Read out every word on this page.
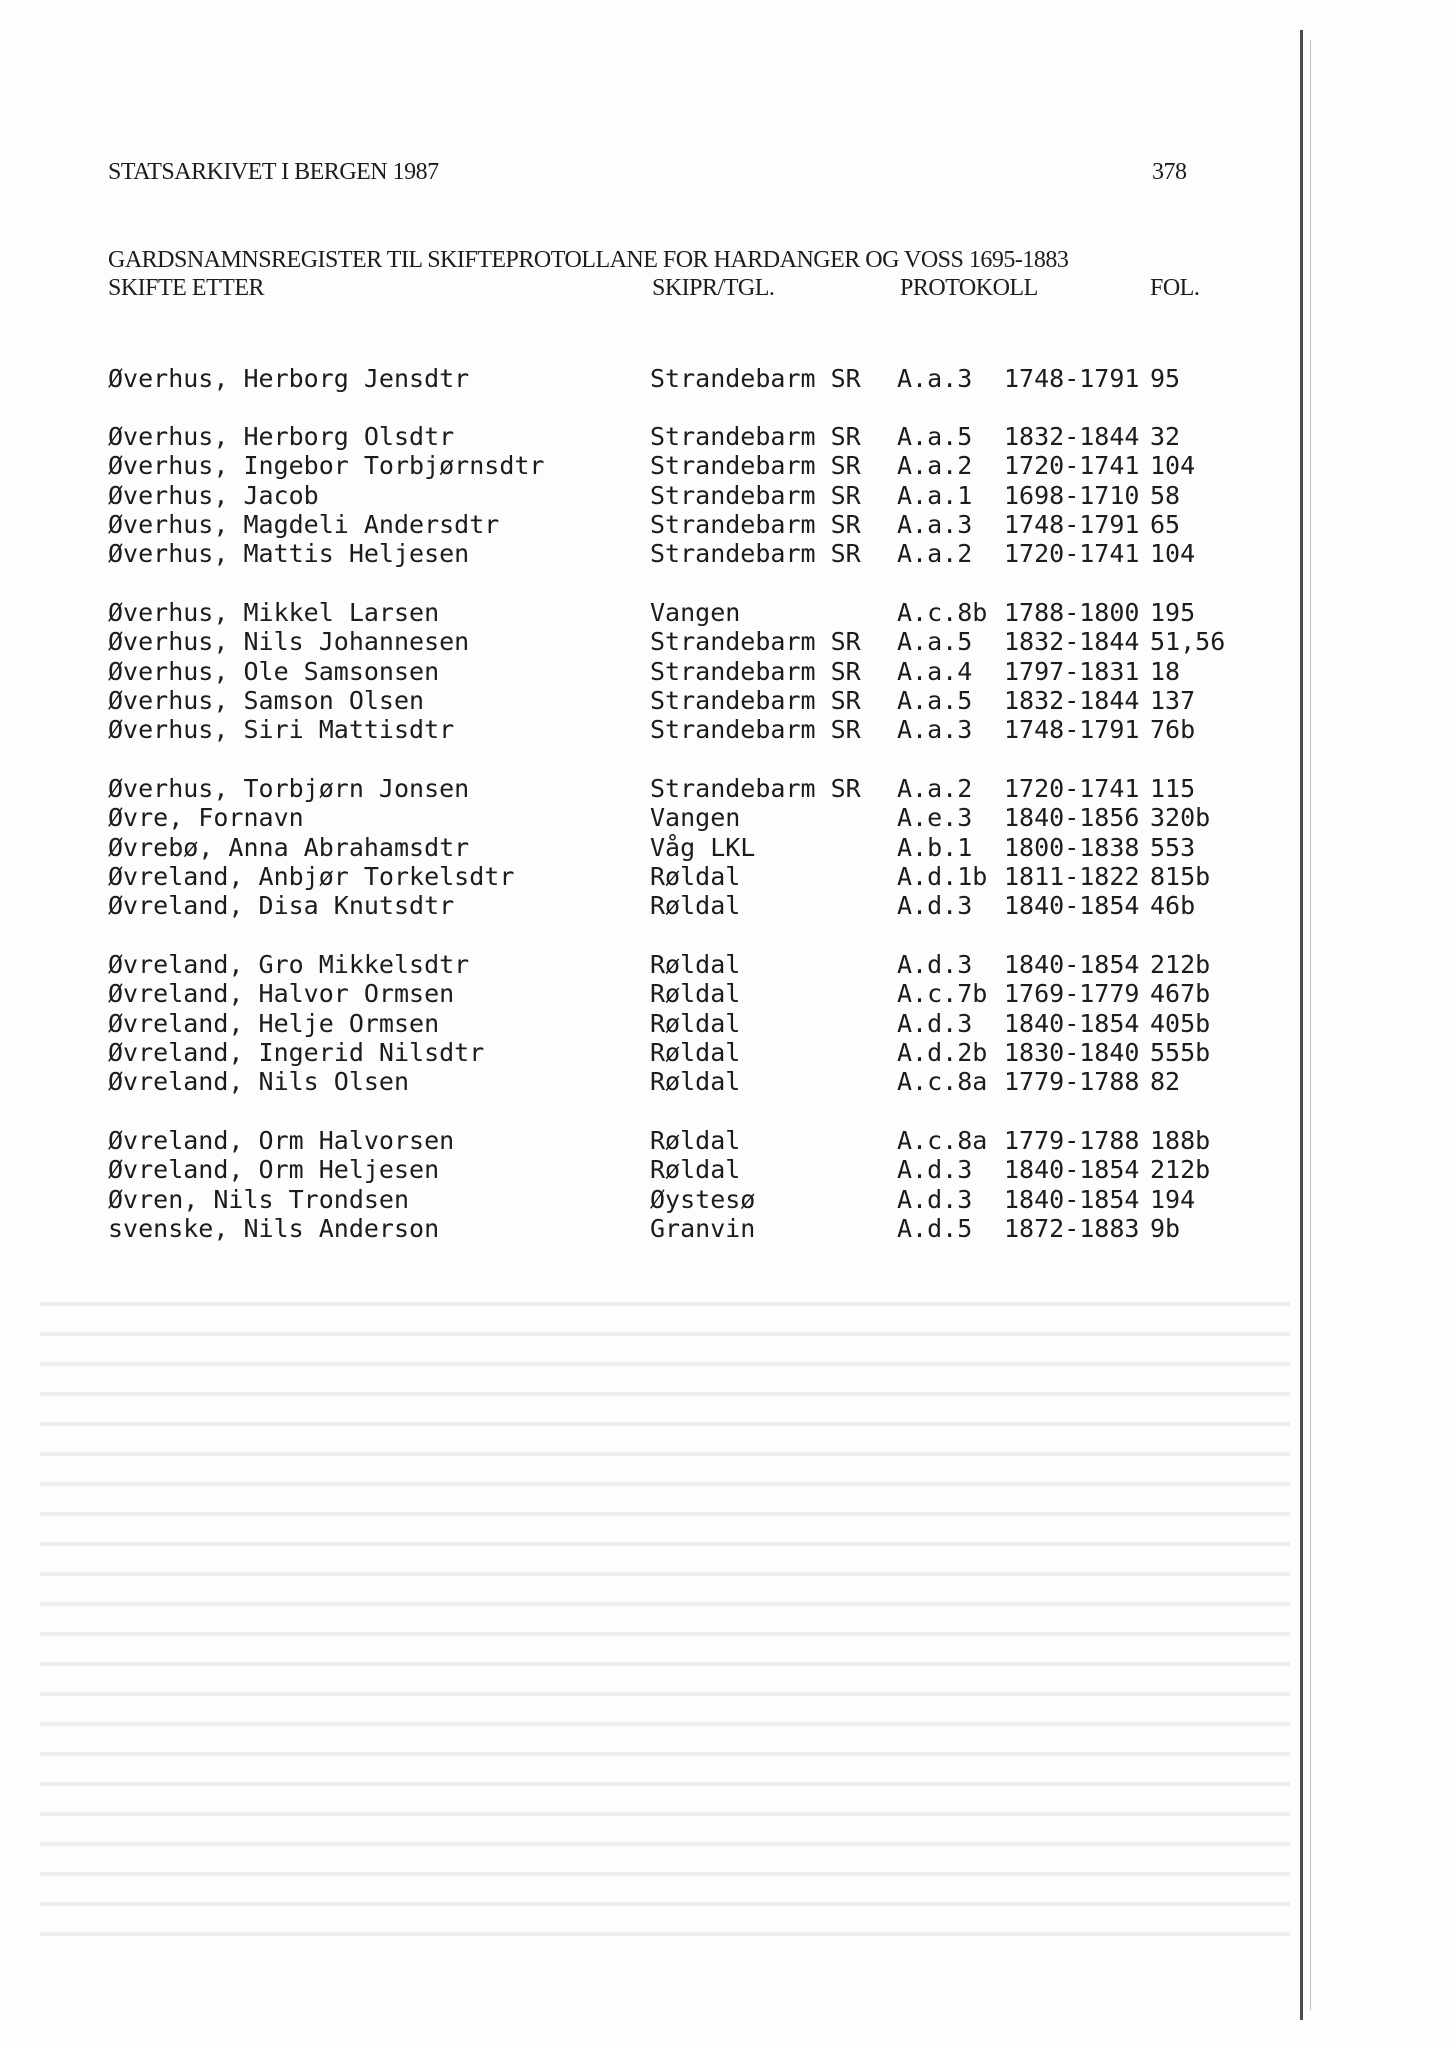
STATSARKIVET I BERGEN 1987	378
GARDSNAMNSREGISTER TIL SKIFTEPROTOLLANE FOR HARDANGER OG VOSS 1695-1883
SKIFTE ETTER	SKIPR/TGL.	PROTOKOLL	FOL.
Øverhus, Herborg Jensdtr	Strandebarm SR A.a.3 1748-1791 95
Øverhus, Herborg Olsdtr	Strandebarm SR A.a.5 1832-1844 32
Øverhus, Ingebor Torbjørnsdtr	Strandebarm SR A.a.2 1720-1741 104
Øverhus, Jacob	Strandebarm SR A.a.1 1698-1710 58
Øverhus, Magdeli Andersdtr	Strandebarm SR A.a.3 1748-1791 65
Øverhus, Mattis Heljesen	Strandebarm SR A.a.2 1720-1741 104
Øverhus, Mikkel Larsen	Vangen	A.c.8b 1788-1800 195
Øverhus, Nils Johannesen	Strandebarm SR A.a.5 1832-1844 51,56
Øverhus, Ole Samsonsen	Strandebarm SR A.a.4 1797-1831 18
Øverhus, Samson Olsen	Strandebarm SR A.a.5 1832-1844 137
Øverhus, Siri Mattisdtr	Strandebarm SR A.a.3 1748-1791 76b
Øverhus, Torbjørn Jonsen	Strandebarm SR A.a.2 1720-1741 115
Øvre, Fornavn	Vangen	A.e.3 1840-1856 320b
Øvrebø, Anna Abrahamsdtr	Våg LKL	A.b.1 1800-1838 553
Øvreland, Anbjør Torkelsdtr	Røldal	A.d.1b 1811-1822 815b
Øvreland, Disa Knutsdtr	Røldal	A.d.3 1840-1854 46b
Øvreland, Gro Mikkelsdtr	Røldal	A.d.3 1840-1854 212b
Øvreland, Halvor Ormsen	Røldal	A.c.7b 1769-1779 467b
Øvreland, Helje Ormsen	Røldal	A.d.3 1840-1854 405b
Øvreland, Ingerid Nilsdtr	Røldal	A.d.2b 1830-1840 555b
Øvreland, Nils Olsen	Røldal	A.c.8a 1779-1788 82
Øvreland, Orm Halvorsen	Røldal	A.c.8a 1779-1788 188b
Øvreland, Orm Heljesen	Røldal	A.d.3 1840-1854 212b
Øvren, Nils Trondsen	Øystesø	A.d.3 1840-1854 194
svenske, Nils Anderson	Granvin	A.d.5 1872-1883 9b
